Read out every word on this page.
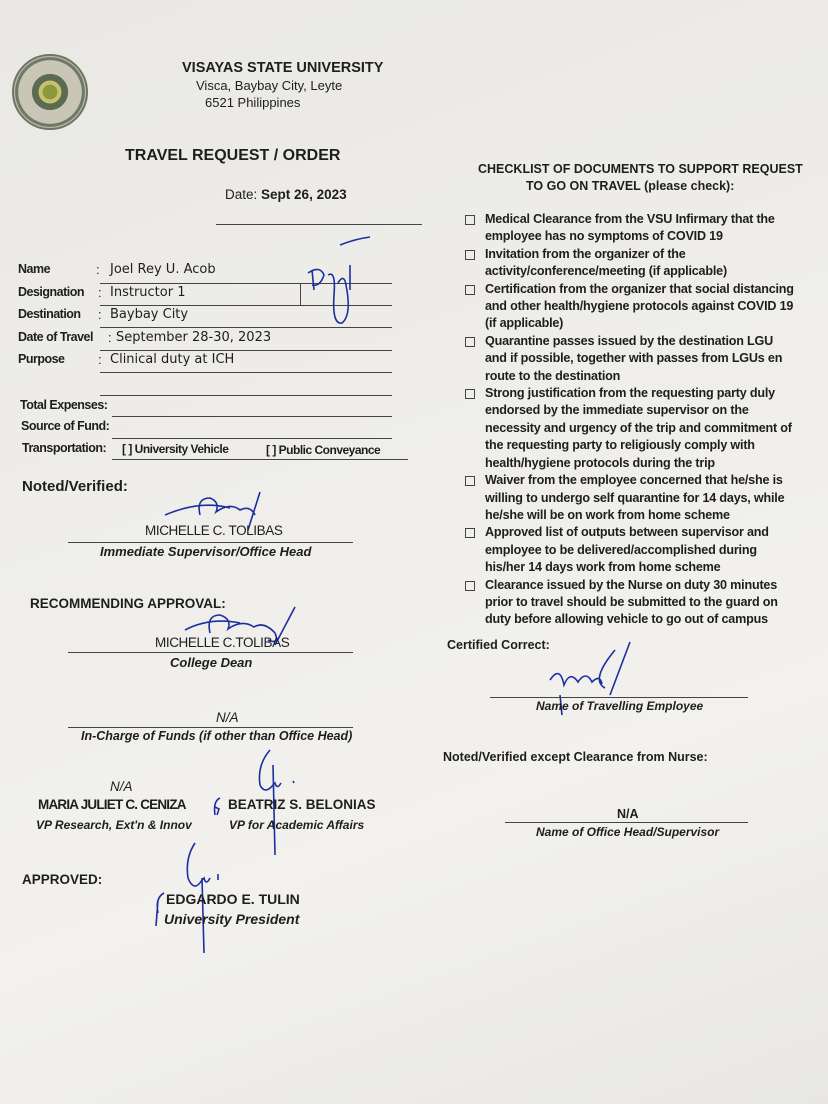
VISAYAS STATE UNIVERSITY
Visca, Baybay City, Leyte
6521 Philippines
TRAVEL REQUEST / ORDER
Date: Sept 26, 2023
Name	: Joel Rey U. Acob
Designation : Instructor 1
Destination : Baybay City
Date of Travel : September 28-30, 2023
Purpose	: Clinical duty at ICH
Total Expenses:
Source of Fund:
Transportation: [ ] University Vehicle	[ ] Public Conveyance
Noted/Verified:
MICHELLE C. TOLIBAS
Immediate Supervisor/Office Head
RECOMMENDING APPROVAL:
MICHELLE C.TOLIBAS
College Dean
N/A
In-Charge of Funds (if other than Office Head)
N/A
MARIA JULIET C. CENIZA
VP Research, Ext'n & Innov
BEATRIZ S. BELONIAS
VP for Academic Affairs
APPROVED:
EDGARDO E. TULIN
University President
CHECKLIST OF DOCUMENTS TO SUPPORT REQUEST
TO GO ON TRAVEL (please check):
Medical Clearance from the VSU Infirmary that the employee has no symptoms of COVID 19
Invitation from the organizer of the activity/conference/meeting (if applicable)
Certification from the organizer that social distancing and other health/hygiene protocols against COVID 19 (if applicable)
Quarantine passes issued by the destination LGU and if possible, together with passes from LGUs en route to the destination
Strong justification from the requesting party duly endorsed by the immediate supervisor on the necessity and urgency of the trip and commitment of the requesting party to religiously comply with health/hygiene protocols during the trip
Waiver from the employee concerned that he/she is willing to undergo self quarantine for 14 days, while he/she will be on work from home scheme
Approved list of outputs between supervisor and employee to be delivered/accomplished during his/her 14 days work from home scheme
Clearance issued by the Nurse on duty 30 minutes prior to travel should be submitted to the guard on duty before allowing vehicle to go out of campus
Certified Correct:
Name of Travelling Employee
Noted/Verified except Clearance from Nurse:
N/A
Name of Office Head/Supervisor
